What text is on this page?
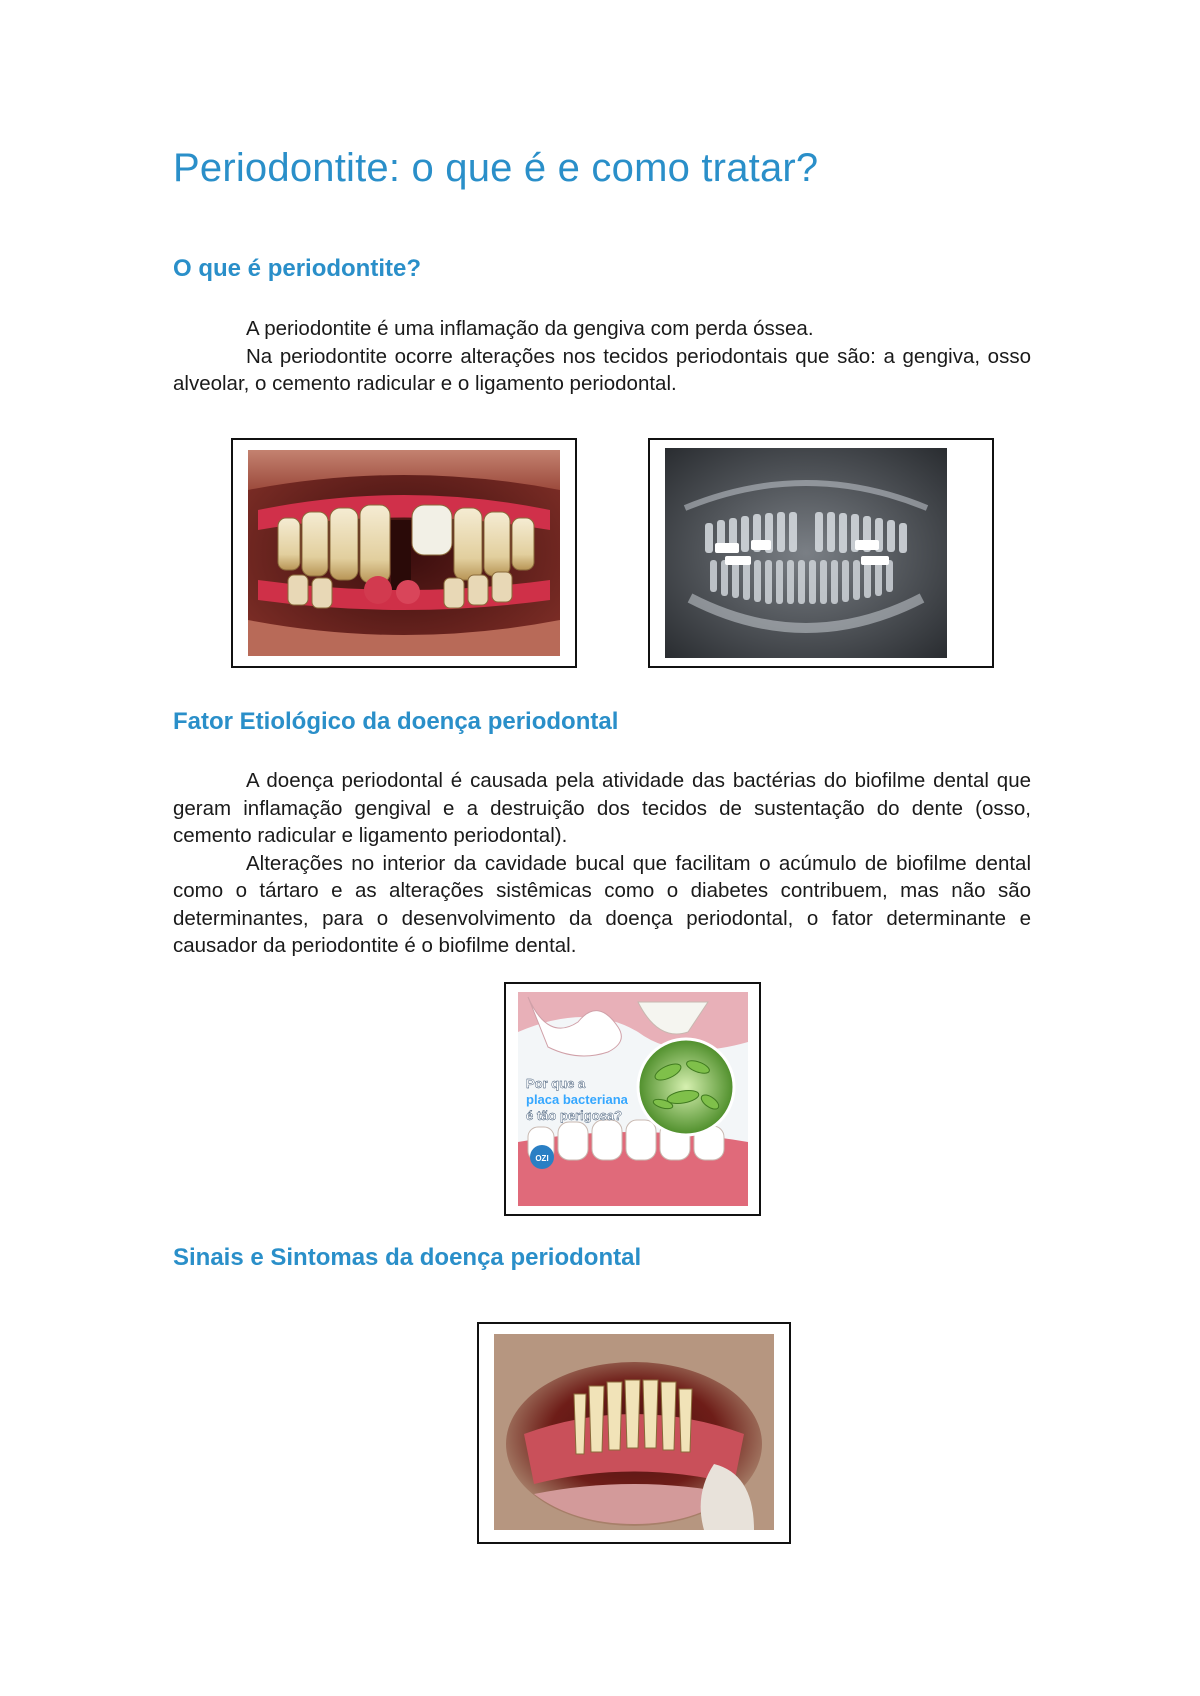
Periodontite: o que é e como tratar?
O que é periodontite?

A periodontite é uma inflamação da gengiva com perda óssea.

Na periodontite ocorre alterações nos tecidos periodontais que são: a gengiva, osso alveolar, o cemento radicular e o ligamento periodontal.

Fator Etiológico da doença periodontal

A doença periodontal é causada pela atividade das bactérias do biofilme dental que geram inflamação gengival e a destruição dos tecidos de sustentação do dente (osso, cemento radicular e ligamento periodontal).

Alterações no interior da cavidade bucal que facilitam o acúmulo de biofilme dental como o tártaro e as alterações sistêmicas como o diabetes contribuem, mas não são determinantes, para o desenvolvimento da doença periodontal, o fator determinante e causador da periodontite é o biofilme dental.

OZI
Por que a
placa bacteriana
é tão perigosa?
Sinais e Sintomas da doença periodontal
